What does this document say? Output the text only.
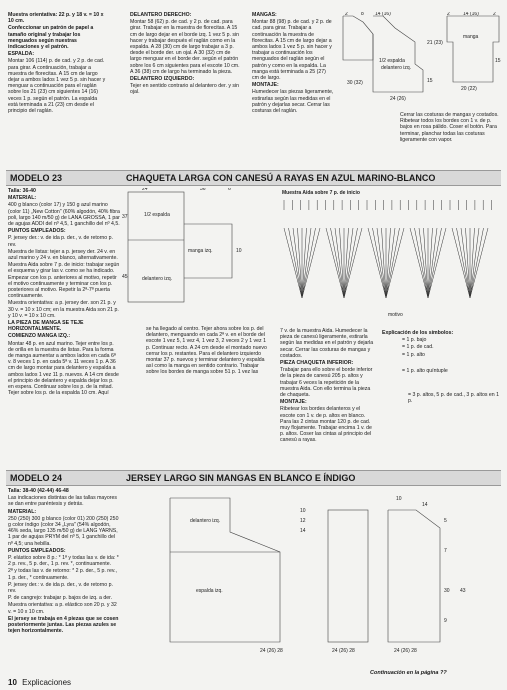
Muestra orientativa: 22 p. y 18 v. = 10 x 10 cm.

Confeccionar un patrón de papel a tamaño original y trabajar los menguados según nuestras indicaciones y el patrón.

ESPALDA:

Montar 106 (114) p. de cad. y 2 p. de cad. para girar. A continuación, trabajar a muestra de florecitas. A 15 cm de largo dejar a ambos lados 1 vez 5 p. sin hacer y menguar a continuación para el raglán sobre los 21 (23) cm siguientes 14 (16) veces 1 p. según el patrón. La espalda está terminada a 21 (23) cm desde el principio del raglán.

DELANTERO DERECHO:

Montar 58 (62) p. de cad. y 2 p. de cad. para girar. Trabajar en la muestra de florecitas. A 15 cm de largo dejar en el borde izq. 1 vez 5 p. sin hacer y trabajar después el raglán como en la espalda. A 28 (30) cm de largo trabajar a 3 p. desde el borde der. un ojal. A 30 (32) cm de largo menguar en el borde der. según el patrón sobre los 6 cm siguientes para el escote 10 cm. A 36 (38) cm de largo ha terminado la pieza.

DELANTERO IZQUIERDO:

Tejer en sentido contrario al delantero der. y sin ojal.

MANGAS:

Montar 88 (98) p. de cad. y 2 p. de cad. para girar. Trabajar a continuación la muestra de florecitas. A 15 cm de largo dejar a ambos lados 1 vez 5 p. sin hacer y trabajar a continuación los menguados del raglán según el patrón y como en la espalda. La manga está terminada a 25 (27) cm de largo.

MONTAJE:

Humedecer las piezas ligeramente, estirarlas según las medidas en el patrón y dejarlas secar. Cerrar las costuras del raglán.

Cerrar las costuras de mangas y costados. Ribetear todos los bordes con 1 v. de p. bajos en rosa pálido. Coser el botón. Para terminar, planchar todas las costuras ligeramente con vapor.

30 (32)
1/2 espalda
delantero izq.
2	8 14 (16)
21 (23)
15
24 (26)
manga
2	14 (16)	2
15
20 (22)
MODELO 23	CHAQUETA LARGA CON CANESÚ A RAYAS EN AZUL MARINO-BLANCO

Talla: 36-40

MATERIAL:

400 g blanco (color 17) y 150 g azul marino (color 11) „New Cotton" (60% algodón, 40% fibra poli, largo 140 m/50 g) de LANA GROSSA, 1 par de agujas ADDI del nº 4,5, 1 ganchillo del nº 4,5.

PUNTOS EMPLEADOS:

P. jersey der.: v. de ida p. der., v. de retorno p. rev.

Muestra de listas: tejer a p. jersey der. 24 v. en azul marino y 24 v. en blanco, alternativamente.

Muestra Aida sobre 7 p. de inicio: trabajar según el esquema y girar las v. como se ha indicado. Empezar con los p. anteriores al motivo, repetir el motivo continuamente y terminar con los p. posteriores al motivo. Repetir la 2ª-7ª puerta continuamente.

Muestra orientativa: a p. jersey der. son 21 p. y 30 v. = 10 x 10 cm; en la muestra Aida son 21 p. y 10 v. = 10 x 10 cm.

LA PIEZA DE MANGA SE TEJE HORIZONTALMENTE.

COMIENZO MANGA IZQ.:

Montar 48 p. en azul marino. Tejer entre los p. de orilla en la muestra de listas. Para la forma de manga aumentar a ambos lados en cada 6ª v. 8 veces 1 p. en cada 5ª v. 11 veces 1 p. A 36 cm de largo montar para delantero y espalda a ambos lados 1 vez 11 p. nuevos. A 14 cm desde el principio de delantero y espalda dejar los p. en espera. Continuar sobre los p. de la mitad. Tejer sobre los p. de la espalda 10 cm. Aquí

24	36	6
37
10
45
1/2 espalda
manga izq.
delantero izq.

se ha llegado al centro. Tejer ahora sobre los p. del delantero, menguando en cada 2ª v. en el borde del escote 1 vez 5, 1 vez 4, 1 vez 3, 2 veces 2 y 1 vez 1 p. Continuar recto. A 24 cm desde el montado nuevo cerrar los p. restantes. Para el delantero izquierdo montar 37 p. nuevos y terminar delantero y espalda así como la manga en sentido contrario. Trabajar sobre los bordes de manga sobre 51 p. 1 vez las

Muestra Aida sobre 7 p. de inicio
motivo

7 v. de la muestra Aida. Humedecer la pieza de canesú ligeramente, estirarla según las medidas en el patrón y dejarla secar. Cerrar las costuras de mangas y costados.

PIEZA CHAQUETA INFERIOR:

Trabajar para ello sobre el borde inferior de la pieza de canesú 205 p. altos y trabajar 6 veces la repetición de la muestra Aida. Con ello termina la pieza de chaqueta.

MONTAJE:

Ribetear los bordes delanteros y el escote con 1 v. de p. altos en blanco. Para las 2 cintas montar 120 p. de cad. muy flojamente. Trabajar encima 1 v. de p. altos. Coser las cintas al principio del canesú a rayas.

Explicación de los símbolos:

= 1 p. bajo

= 1 p. de cad.

= 1 p. alto

= 1 p. alto quíntuple

= 3 p. altos, 5 p. de cad., 3 p. altos en 1 p.

MODELO 24	JERSEY LARGO SIN MANGAS EN BLANCO E ÍNDIGO

Talla: 38-40 (42-44) 46-48

Las indicaciones distintas de las tallas mayores se dan entre paréntesis y detrás.

MATERIAL:

250 (250) 300 g blanco (color 01) 200 (250) 250 g color índigo (color 34 „Lyra" (54% algodón, 46% seda, largo 135 m/50 g) de LANG YARNS, 1 par de agujas PRYM del nº 5, 1 ganchillo del nº 4,5; una hebilla.

PUNTOS EMPLEADOS:

P. elástico sobre 8 p.: * 1ª y todas las v. de ida: * 2 p. rev., 5 p. der., 1 p. rev. *, continuamente.

2ª y todas las v. de retorno: * 2 p. der., 5 p. rev., 1 p. der., * continuamente.

P. jersey der.: v. de ida p. der., v. de retorno p. rev.

P. de cangrejo: trabajar p. bajos de izq. a der.

Muestra orientativa: a p. elástico son 20 p. y 32 v. = 10 x 10 cm.

El jersey se trabaja en 4 piezas que se cosen posteriormente juntas. Las piezas azules se tejen horizontalmente.

delantero izq.
espalda izq.
10
12
14
24 (26) 28	24 (26) 28
10
14
24 (26) 28
5
7
30
9
43
Continuación en la página ??
10 Explicaciones
